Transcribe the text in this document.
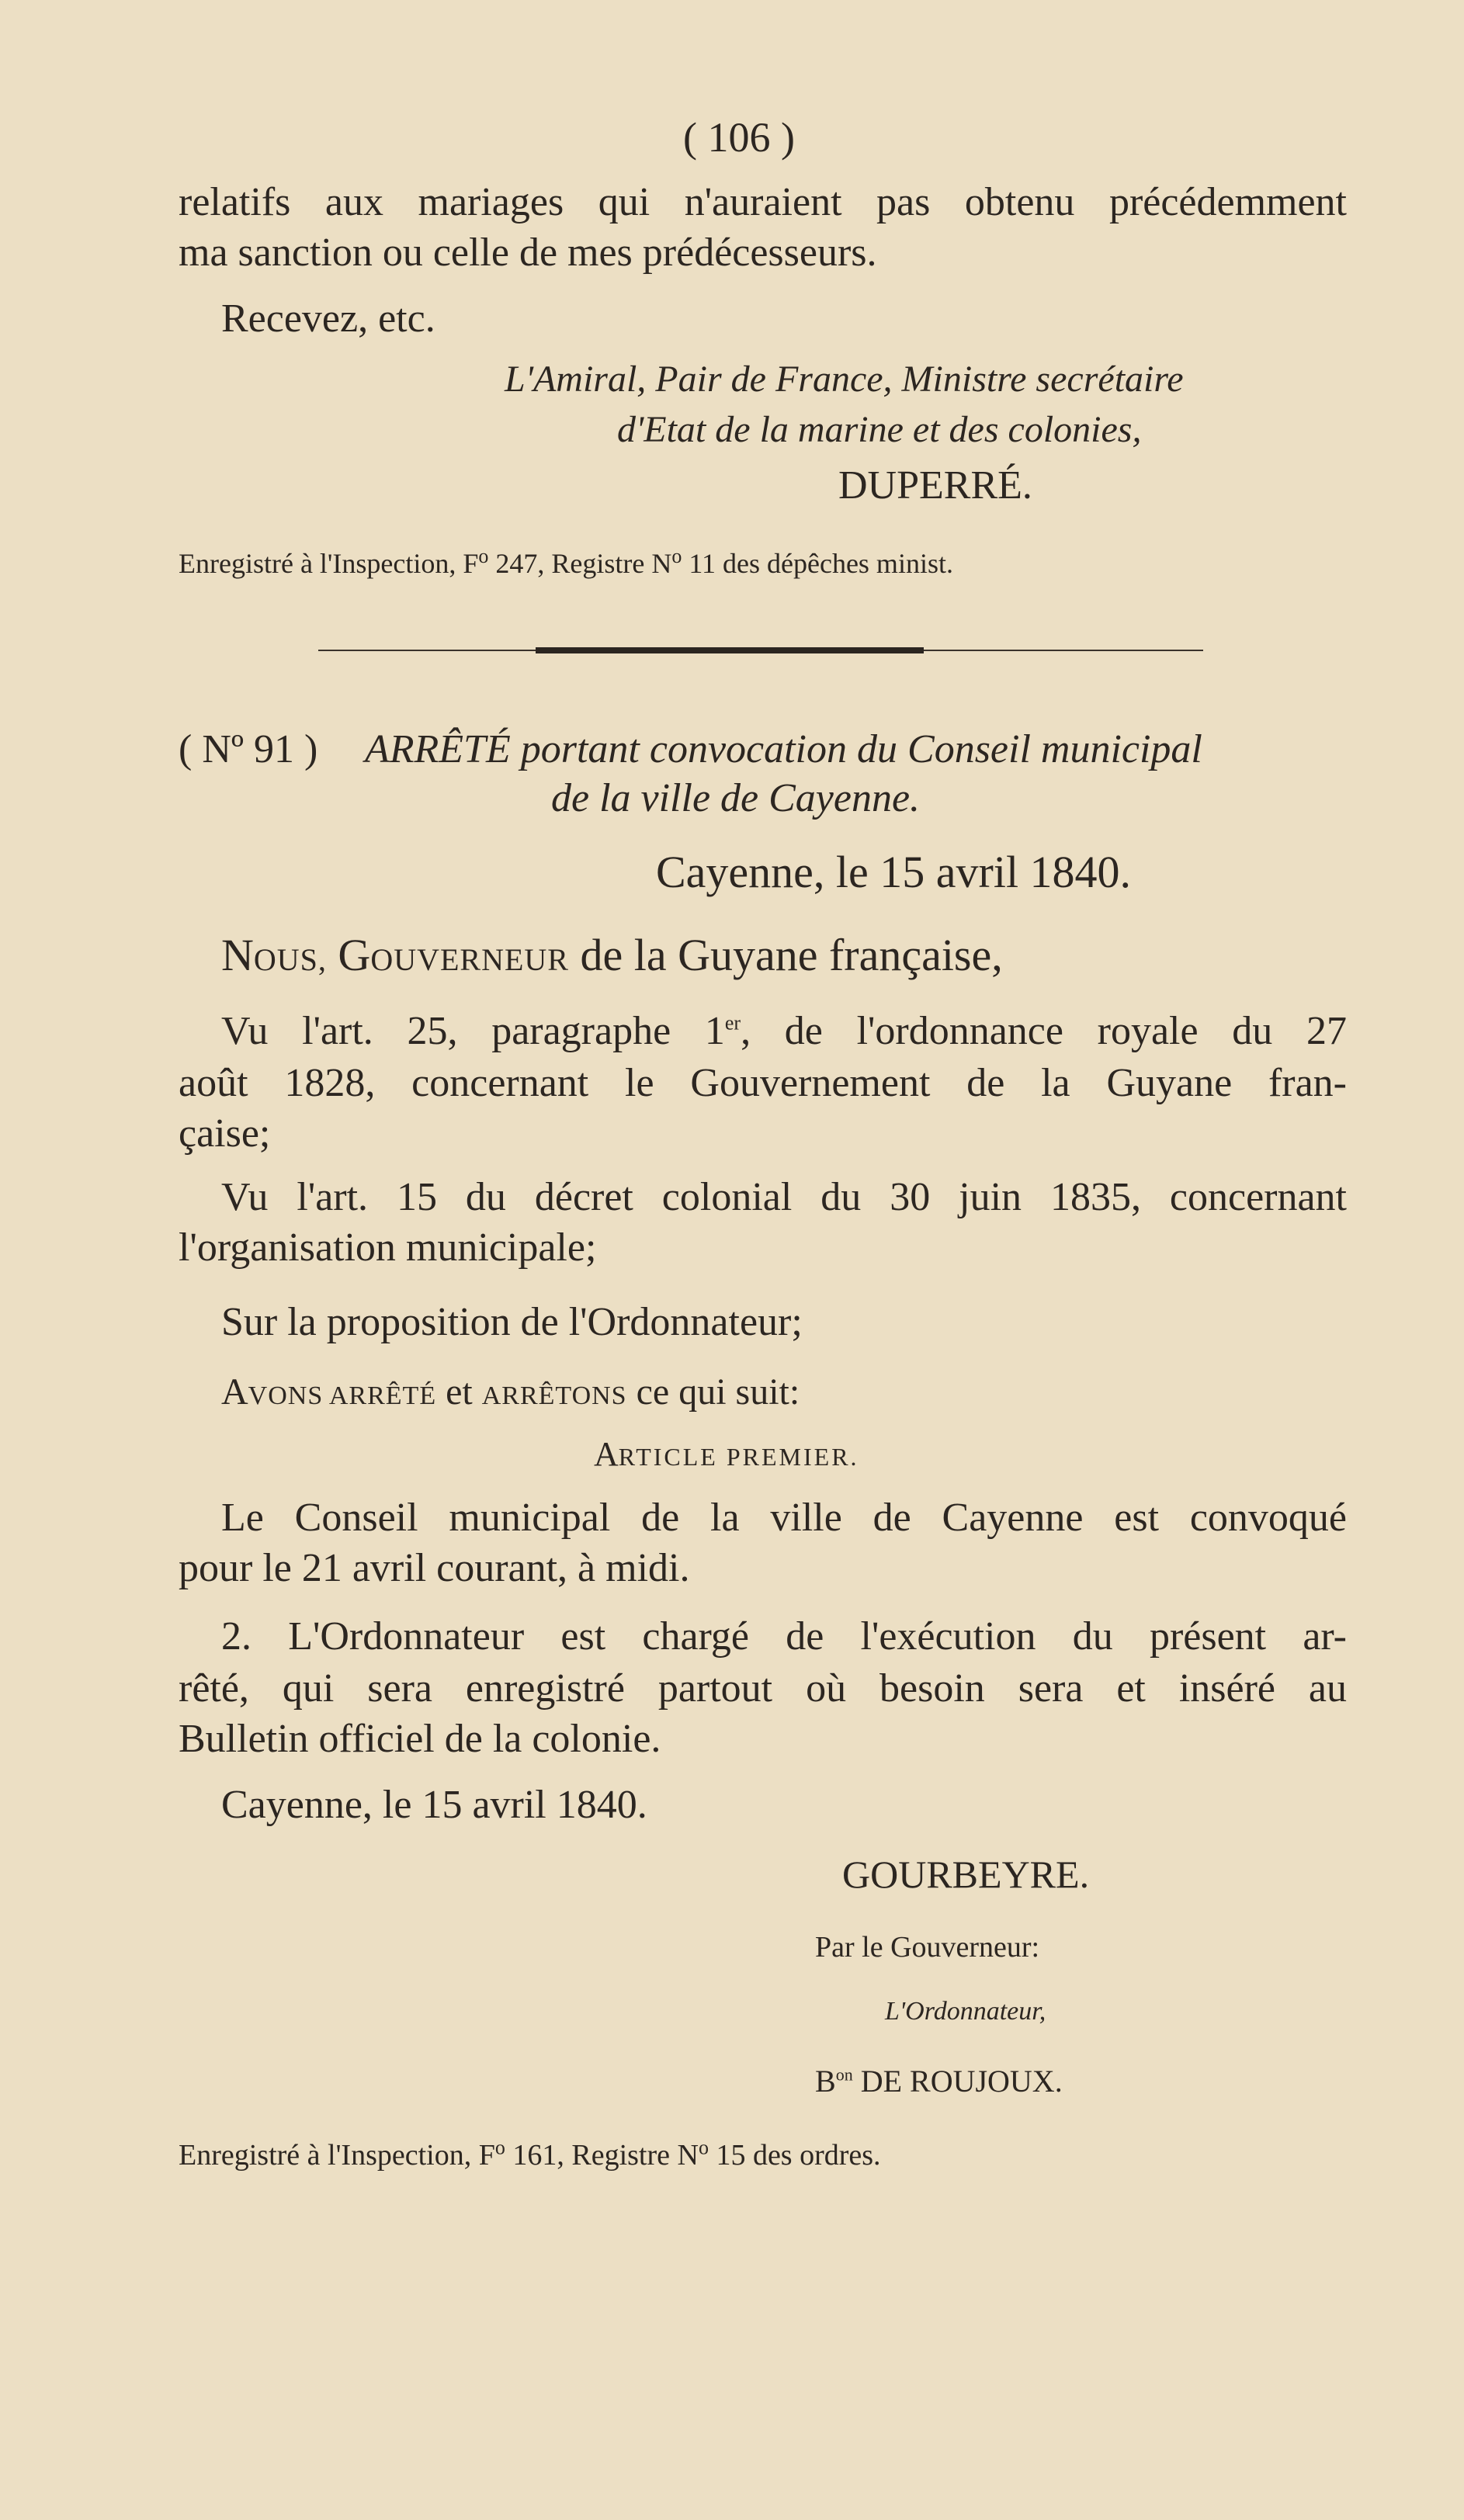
( 106 )
relatifs aux mariages qui n'auraient pas obtenu précédemment
ma sanction ou celle de mes prédécesseurs.
Recevez, etc.
L'Amiral, Pair de France, Ministre secrétaire
d'Etat de la marine et des colonies,
DUPERRÉ.
Enregistré à l'Inspection, $F^o$ 247, Registre $N^o$ 11 des dépêches minist.
( Nº 91 ) ARRÊTÉ portant convocation du Conseil municipal
de la ville de Cayenne.
Cayenne, le 15 avril 1840.
NOUS, GOUVERNEUR de la Guyane française,
Vu l'art. 25, paragraphe 1er, de l'ordonnance royale du 27
août 1828, concernant le Gouvernement de la Guyane fran-
çaise;
Vu l'art. 15 du décret colonial du 30 juin 1835, concernant
l'organisation municipale;
Sur la proposition de l'Ordonnateur;
AVONS ARRÊTÉ et ARRÊTONS ce qui suit:
ARTICLE PREMIER.
Le Conseil municipal de la ville de Cayenne est convoqué
pour le 21 avril courant, à midi.
2. L'Ordonnateur est chargé de l'exécution du présent ar-
rêté, qui sera enregistré partout où besoin sera et inséré au
Bulletin officiel de la colonie.
Cayenne, le 15 avril 1840.
GOURBEYRE.
Par le Gouverneur:
L'Ordonnateur,
$B^{on}$ DE ROUJOUX.
Enregistré à l'Inspection, $F^o$ 161, Registre $N^o$ 15 des ordres.
